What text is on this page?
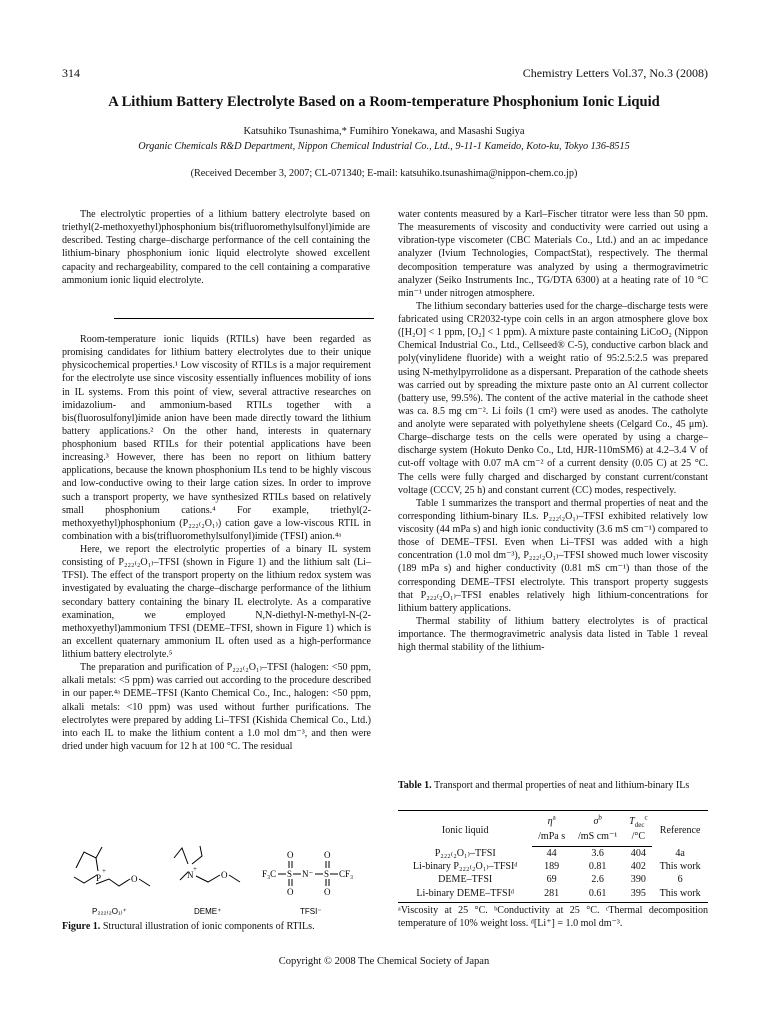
314	Chemistry Letters Vol.37, No.3 (2008)
A Lithium Battery Electrolyte Based on a Room-temperature Phosphonium Ionic Liquid
Katsuhiko Tsunashima,* Fumihiro Yonekawa, and Masashi Sugiya
Organic Chemicals R&D Department, Nippon Chemical Industrial Co., Ltd., 9-11-1 Kameido, Koto-ku, Tokyo 136-8515
(Received December 3, 2007; CL-071340; E-mail: katsuhiko.tsunashima@nippon-chem.co.jp)
The electrolytic properties of a lithium battery electrolyte based on triethyl(2-methoxyethyl)phosphonium bis(trifluoromethylsulfonyl)imide are described. Testing charge–discharge performance of the cell containing the lithium-binary phosphonium ionic liquid electrolyte showed excellent capacity and rechargeability, compared to the cell containing a comparative ammonium ionic liquid electrolyte.

Room-temperature ionic liquids (RTILs) have been regarded as promising candidates for lithium battery electrolytes due to their unique physicochemical properties.¹ Low viscosity of RTILs is a major requirement for the electrolyte use since viscosity essentially influences mobility of ions in IL systems. From this point of view, several attractive researches on imidazolium- and ammonium-based RTILs together with a bis(fluorosulfonyl)imide anion have been made directly toward the lithium battery applications.² On the other hand, interests in quaternary phosphonium based RTILs for their potential applications have been increasing.³ However, there has been no report on lithium battery applications, because the known phosphonium ILs tend to be highly viscous and low-conductive owing to their large cation sizes. In order to improve such a transport property, we have synthesized RTILs based on relatively small phosphonium cations.⁴ For example, triethyl(2-methoxyethyl)phosphonium (P₂₂₂₍₂O₁₎) cation gave a low-viscous RTIL in combination with a bis(trifluoromethylsulfonyl)imide (TFSI) anion.⁴ᵃ

Here, we report the electrolytic properties of a binary IL system consisting of P₂₂₂₍₂O₁₎–TFSI (shown in Figure 1) and the lithium salt (Li–TFSI). The effect of the transport property on the lithium redox system was investigated by evaluating the charge–discharge performance of the lithium secondary battery containing the binary IL electrolyte. As a comparative examination, we employed N,N-diethyl-N-methyl-N-(2-methoxyethyl)ammonium TFSI (DEME–TFSI, shown in Figure 1) which is an excellent quaternary ammonium IL often used as a high-performance lithium battery electrolyte.⁵

The preparation and purification of P₂₂₂₍₂O₁₎–TFSI (halogen: <50 ppm, alkali metals: <5 ppm) was carried out according to the procedure described in our paper.⁴ᵃ DEME–TFSI (Kanto Chemical Co., Inc., halogen: <50 ppm, alkali metals: <10 ppm) was used without further purifications. The electrolytes were prepared by adding Li–TFSI (Kishida Chemical Co., Ltd.) into each IL to make the lithium content a 1.0 mol dm⁻³, and then were dried under high vacuum for 12 h at 100 °C. The residual

water contents measured by a Karl–Fischer titrator were less than 50 ppm. The measurements of viscosity and conductivity were carried out using a vibration-type viscometer (CBC Materials Co., Ltd.) and an ac impedance analyzer (Ivium Technologies, CompactStat), respectively. The thermal decomposition temperature was analyzed by using a thermogravimetric analyzer (Seiko Instruments Inc., TG/DTA 6300) at a heating rate of 10 °C min⁻¹ under nitrogen atmosphere.

The lithium secondary batteries used for the charge–discharge tests were fabricated using CR2032-type coin cells in an argon atmosphere glove box ([H₂O] < 1 ppm, [O₂] < 1 ppm). A mixture paste containing LiCoO₂ (Nippon Chemical Industrial Co., Ltd., Cellseed® C-5), conductive carbon black and poly(vinylidene fluoride) with a weight ratio of 95:2.5:2.5 was prepared using N-methylpyrrolidone as a dispersant. Preparation of the cathode sheets was carried out by spreading the mixture paste onto an Al current collector (battery use, 99.5%). The content of the active material in the cathode sheet was ca. 8.5 mg cm⁻². Li foils (1 cm²) were used as anodes. The catholyte and anolyte were separated with polyethylene sheets (Celgard Co., 45 μm). Charge–discharge tests on the cells were operated by using a charge–discharge system (Hokuto Denko Co., Ltd, HJR-110mSM6) at 4.2–3.4 V of cut-off voltage with 0.07 mA cm⁻² of a current density (0.05 C) at 25 °C. The cells were fully charged and discharged by constant current/constant voltage (CCCV, 25 h) and constant current (CC) modes, respectively.

Table 1 summarizes the transport and thermal properties of neat and the corresponding lithium-binary ILs. P₂₂₂₍₂O₁₎–TFSI exhibited relatively low viscosity (44 mPa s) and high ionic conductivity (3.6 mS cm⁻¹) compared to those of DEME–TFSI. Even when Li–TFSI was added with a high concentration (1.0 mol dm⁻³), P₂₂₂₍₂O₁₎–TFSI showed much lower viscosity (189 mPa s) and higher conductivity (0.81 mS cm⁻¹) than those of the corresponding DEME–TFSI electrolyte. This transport property suggests that P₂₂₂₍₂O₁₎–TFSI enables relatively high lithium-concentrations for lithium battery applications.

Thermal stability of lithium battery electrolytes is of practical importance. The thermogravimetric analysis data listed in Table 1 reveal high thermal stability of the lithium-

P
+
O	N
+
O	F₃C S N⁻ S CF₃
O
O
O
O
P₂₂₂₍₂O₁₎⁺	DEME⁺	TFSI⁻
Figure 1. Structural illustration of ionic components of RTILs.
Table 1. Transport and thermal properties of neat and lithium-binary ILs
Ionic liquid	$\eta^a$	$\sigma^b$	$T_{dec}^c$	Reference
	/mPa s	/mS cm⁻¹	/°C	
P₂₂₂₍₂O₁₎–TFSI	44	3.6	404	4a
Li-binary P₂₂₂₍₂O₁₎–TFSIᵈ	189	0.81	402	This work
DEME–TFSI	69	2.6	390	6
Li-binary DEME–TFSIᵈ	281	0.61	395	This work
ᵃViscosity at 25 °C. ᵇConductivity at 25 °C. ᶜThermal decomposition temperature of 10% weight loss. ᵈ[Li⁺] = 1.0 mol dm⁻³.
Copyright © 2008 The Chemical Society of Japan
